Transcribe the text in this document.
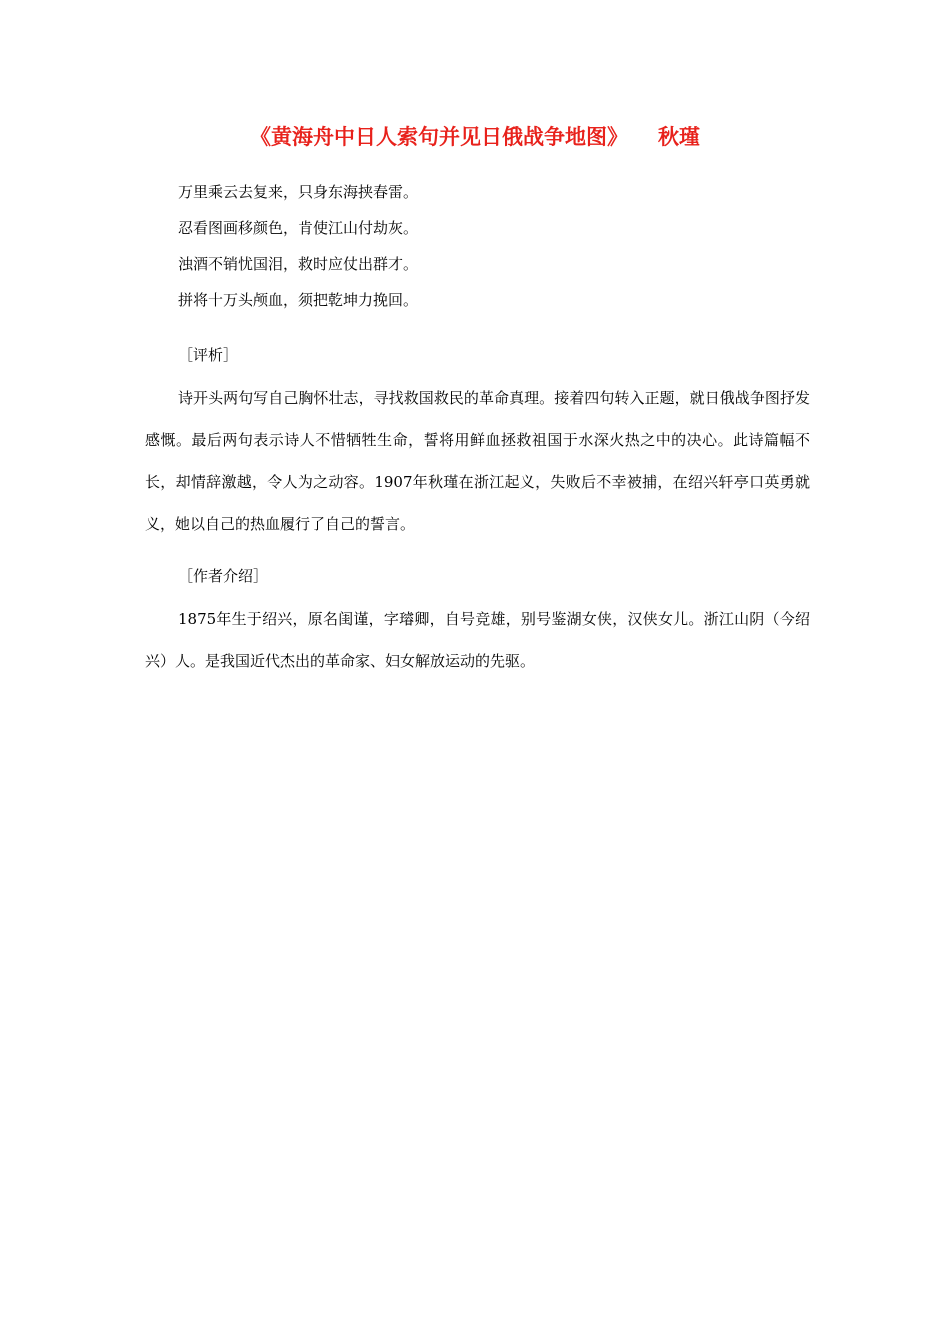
《黄海舟中日人索句并见日俄战争地图》 秋瑾
万里乘云去复来，只身东海挟春雷。
忍看图画移颜色，肯使江山付劫灰。
浊酒不销忧国泪，救时应仗出群才。
拼将十万头颅血，须把乾坤力挽回。
［评析］
诗开头两句写自己胸怀壮志，寻找救国救民的革命真理。接着四句转入正题，就日俄战争图抒发感慨。最后两句表示诗人不惜牺牲生命，誓将用鲜血拯救祖国于水深火热之中的决心。此诗篇幅不长，却情辞激越，令人为之动容。1907年秋瑾在浙江起义，失败后不幸被捕，在绍兴轩亭口英勇就义，她以自己的热血履行了自己的誓言。
［作者介绍］
1875年生于绍兴，原名闺谨，字璿卿，自号竞雄，别号鉴湖女侠，汉侠女儿。浙江山阴（今绍兴）人。是我国近代杰出的革命家、妇女解放运动的先驱。
